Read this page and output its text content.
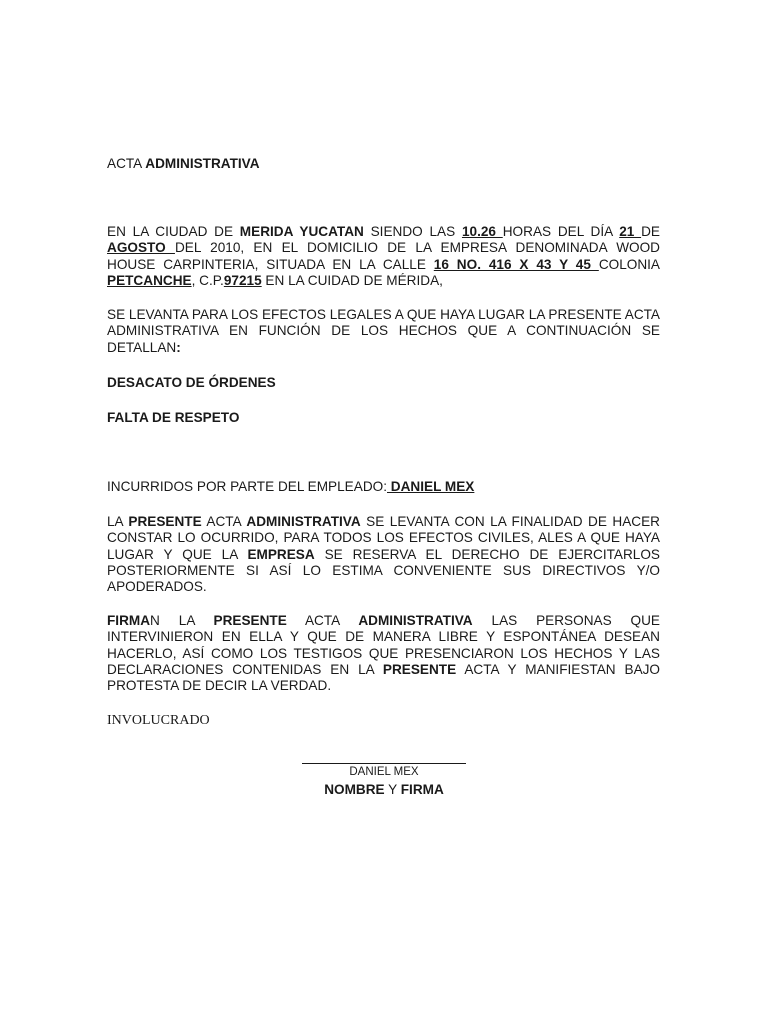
ACTA ADMINISTRATIVA
EN LA CIUDAD DE MERIDA YUCATAN SIENDO LAS 10.26 HORAS DEL DÍA 21 DE
AGOSTO DEL 2010, EN EL DOMICILIO DE LA EMPRESA DENOMINADA WOOD
HOUSE CARPINTERIA, SITUADA EN LA CALLE 16 NO. 416 X 43 Y 45 COLONIA
PETCANCHE, C.P.97215 EN LA CUIDAD DE MÉRIDA,
SE LEVANTA PARA LOS EFECTOS LEGALES A QUE HAYA LUGAR LA PRESENTE ACTA ADMINISTRATIVA EN FUNCIÓN DE LOS HECHOS QUE A CONTINUACIÓN SE DETALLAN:
DESACATO DE ÓRDENES
FALTA DE RESPETO
INCURRIDOS POR PARTE DEL EMPLEADO: DANIEL MEX
LA PRESENTE ACTA ADMINISTRATIVA SE LEVANTA CON LA FINALIDAD DE HACER CONSTAR LO OCURRIDO, PARA TODOS LOS EFECTOS CIVILES, ALES A QUE HAYA LUGAR Y QUE LA EMPRESA SE RESERVA EL DERECHO DE EJERCITARLOS POSTERIORMENTE SI ASÍ LO ESTIMA CONVENIENTE SUS DIRECTIVOS Y/O APODERADOS.
FIRMAN LA PRESENTE ACTA ADMINISTRATIVA LAS PERSONAS QUE INTERVINIERON EN ELLA Y QUE DE MANERA LIBRE Y ESPONTÁNEA DESEAN HACERLO, ASÍ COMO LOS TESTIGOS QUE PRESENCIARON LOS HECHOS Y LAS DECLARACIONES CONTENIDAS EN LA PRESENTE ACTA Y MANIFIESTAN BAJO PROTESTA DE DECIR LA VERDAD.
INVOLUCRADO
DANIEL MEX
NOMBRE Y FIRMA
